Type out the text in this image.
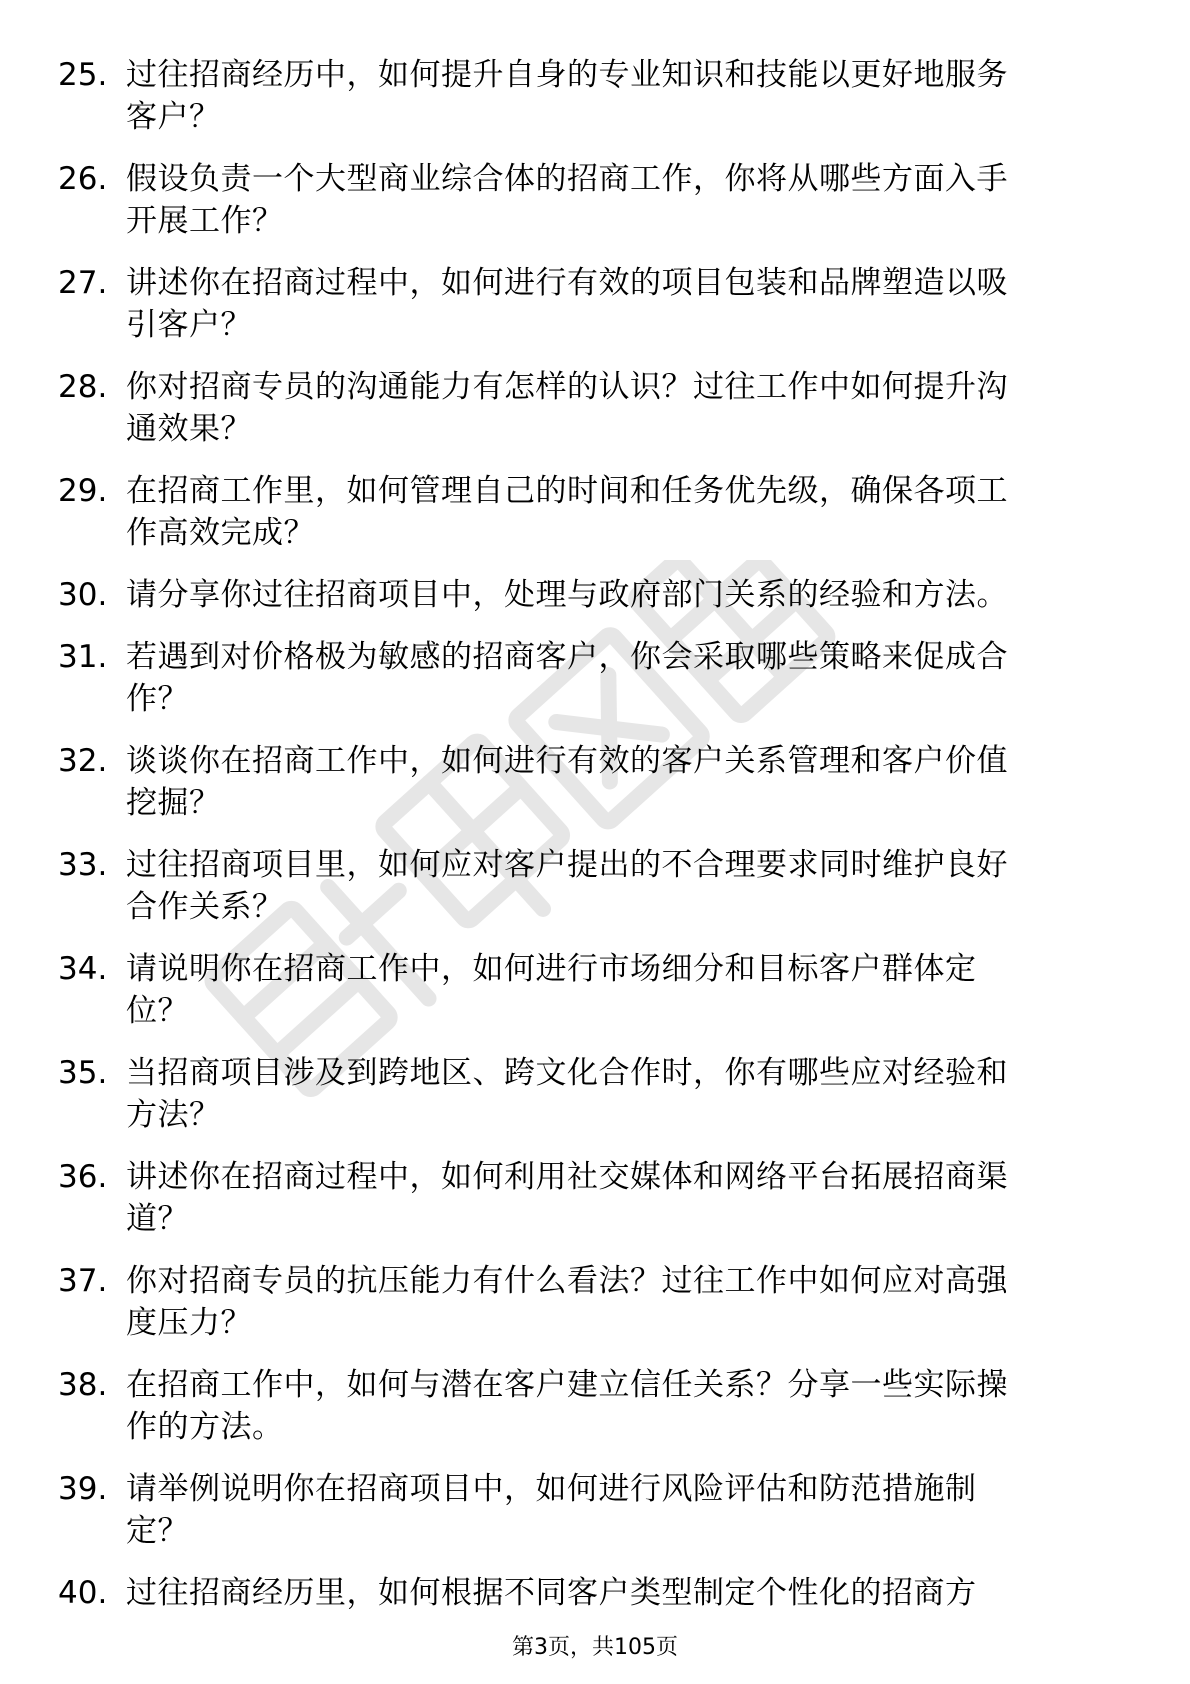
25. 过往招商经历中，如何提升自身的专业知识和技能以更好地服务
客户？
26. 假设负责一个大型商业综合体的招商工作，你将从哪些方面入手
开展工作？
27. 讲述你在招商过程中，如何进行有效的项目包装和品牌塑造以吸
引客户？
28. 你对招商专员的沟通能力有怎样的认识？过往工作中如何提升沟
通效果？
29. 在招商工作里，如何管理自己的时间和任务优先级，确保各项工
作高效完成？
30. 请分享你过往招商项目中，处理与政府部门关系的经验和方法。
31. 若遇到对价格极为敏感的招商客户，你会采取哪些策略来促成合
作？
32. 谈谈你在招商工作中，如何进行有效的客户关系管理和客户价值
挖掘？
33. 过往招商项目里，如何应对客户提出的不合理要求同时维护良好
合作关系？
34. 请说明你在招商工作中，如何进行市场细分和目标客户群体定
位？
35. 当招商项目涉及到跨地区、跨文化合作时，你有哪些应对经验和
方法？
36. 讲述你在招商过程中，如何利用社交媒体和网络平台拓展招商渠
道？
37. 你对招商专员的抗压能力有什么看法？过往工作中如何应对高强
度压力？
38. 在招商工作中，如何与潜在客户建立信任关系？分享一些实际操
作的方法。
39. 请举例说明你在招商项目中，如何进行风险评估和防范措施制
定？
40. 过往招商经历里，如何根据不同客户类型制定个性化的招商方
第3页，共105页
